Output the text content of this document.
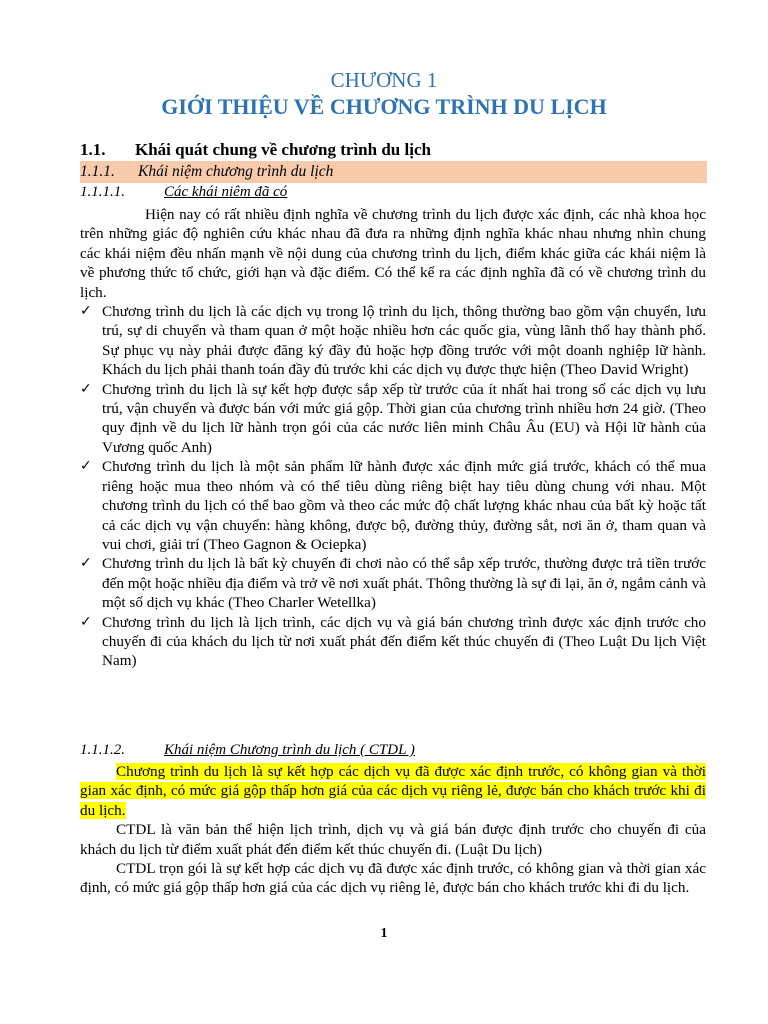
CHƯƠNG 1
GIỚI THIỆU VỀ CHƯƠNG TRÌNH DU LỊCH
1.1. Khái quát chung về chương trình du lịch
1.1.1. Khái niệm chương trình du lịch
1.1.1.1.	Các khái niêm đã có
Hiện nay có rất nhiều định nghĩa về chương trình du lịch được xác định, các nhà khoa học trên những giác độ nghiên cứu khác nhau đã đưa ra những định nghĩa khác nhau nhưng nhìn chung các khái niệm đều nhấn mạnh về nội dung của chương trình du lịch, điểm khác giữa các khái niệm là về phương thức tổ chức, giới hạn và đặc điểm. Có thể kể ra các định nghĩa đã có về chương trình du lịch.
✓ Chương trình du lịch là các dịch vụ trong lộ trình du lịch, thông thường bao gồm vận chuyển, lưu trú, sự di chuyển và tham quan ở một hoặc nhiều hơn các quốc gia, vùng lãnh thổ hay thành phố. Sự phục vụ này phải được đăng ký đầy đủ hoặc hợp đồng trước với một doanh nghiệp lữ hành. Khách du lịch phải thanh toán đầy đủ trước khi các dịch vụ được thực hiện (Theo David Wright)
✓ Chương trình du lịch là sự kết hợp được sắp xếp từ trước của ít nhất hai trong số các dịch vụ lưu trú, vận chuyển và được bán với mức giá gộp. Thời gian của chương trình nhiều hơn 24 giờ. (Theo quy định về du lịch lữ hành trọn gói của các nước liên minh Châu Âu (EU) và Hội lữ hành của Vương quốc Anh)
✓ Chương trình du lịch là một sản phẩm lữ hành được xác định mức giá trước, khách có thể mua riêng hoặc mua theo nhóm và có thể tiêu dùng riêng biệt hay tiêu dùng chung với nhau. Một chương trình du lịch có thể bao gồm và theo các mức độ chất lượng khác nhau của bất kỳ hoặc tất cả các dịch vụ vận chuyển: hàng không, được bộ, đường thủy, đường sắt, nơi ăn ở, tham quan và vui chơi, giải trí (Theo Gagnon & Ociepka)
✓ Chương trình du lịch là bất kỳ chuyến đi chơi nào có thể sắp xếp trước, thường được trả tiền trước đến một hoặc nhiều địa điểm và trở về nơi xuất phát. Thông thường là sự đi lại, ăn ở, ngắm cảnh và một số dịch vụ khác (Theo Charler Wetellka)
✓ Chương trình du lịch là lịch trình, các dịch vụ và giá bán chương trình được xác định trước cho chuyến đi của khách du lịch từ nơi xuất phát đến điểm kết thúc chuyến đi (Theo Luật Du lịch Việt Nam)
1.1.1.2.	Khái niệm Chương trình du lịch ( CTDL )
Chương trình du lịch là sự kết hợp các dịch vụ đã được xác định trước, có không gian và thời gian xác định, có mức giá gộp thấp hơn giá của các dịch vụ riêng lẻ, được bán cho khách trước khi đi du lịch.
CTDL là văn bản thể hiện lịch trình, dịch vụ và giá bán được định trước cho chuyến đi của khách du lịch từ điểm xuất phát đến điểm kết thúc chuyến đi. (Luật Du lịch)
CTDL trọn gói là sự kết hợp các dịch vụ đã được xác định trước, có không gian và thời gian xác định, có mức giá gộp thấp hơn giá của các dịch vụ riêng lẻ, được bán cho khách trước khi đi du lịch.
1
